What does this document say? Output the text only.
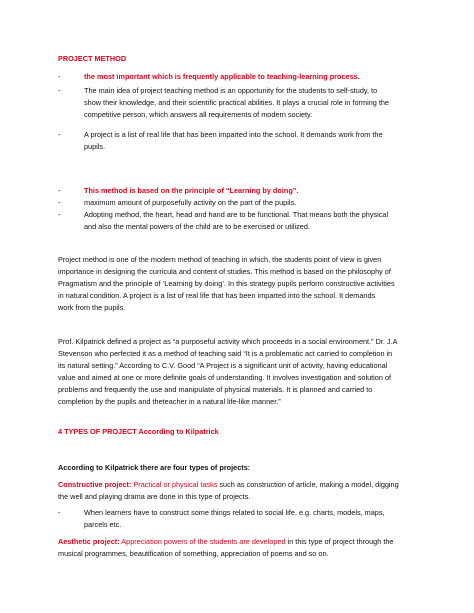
PROJECT METHOD
-	the most important which is frequently applicable to teaching-learning process.
-	The main idea of project teaching method is an opportunity for the students to self-study, to
show their knowledge, and their scientific practical abilities. It plays a crucial role in forming the
competitive person, which answers all requirements of modern society.
-	A project is a list of real life that has been imparted into the school. It demands work from the
pupils.
-	This method is based on the principle of “Learning by doing”.
-	maximum amount of purposefully activity on the part of the pupils.
-	Adopting method, the heart, head and hand are to be functional. That means both the physical
and also the mental powers of the child are to be exercised or utilized.
Project method is one of the modern method of teaching in which, the students point of view is given
importance in designing the curricula and content of studies. This method is based on the philosophy of
Pragmatism and the principle of ‘Learning by doing’. In this strategy pupils perform constructive activities
in natural condition. A project is a list of real life that has been imparted into the school. It demands
work from the pupils.
Prof. Kilpatrick defined a project as “a purposeful activity which proceeds in a social environment.” Dr. J.A
Stevenson who perfected it as a method of teaching said “It is a problematic act carried to completion in
its natural setting.” According to C.V. Good “A Project is a significant unit of activity, having educational
value and aimed at one or more definite goals of understanding. It involves investigation and solution of
problems and frequently the use and manipulate of physical materials. It is planned and carried to
completion by the pupils and theteacher in a natural life-like manner.”
4 TYPES OF PROJECT According to Kilpatrick
According to Kilpatrick there are four types of projects:
Constructive project: Practical or physical tasks such as construction of article, making a model, digging
the well and playing drama are done in this type of projects.
-	When learners have to construct some things related to social life. e.g. charts, models, maps,
parcels etc.
Aesthetic project: Appreciation powers of the students are developed in this type of project through the
musical programmes, beautification of something, appreciation of poems and so on.
